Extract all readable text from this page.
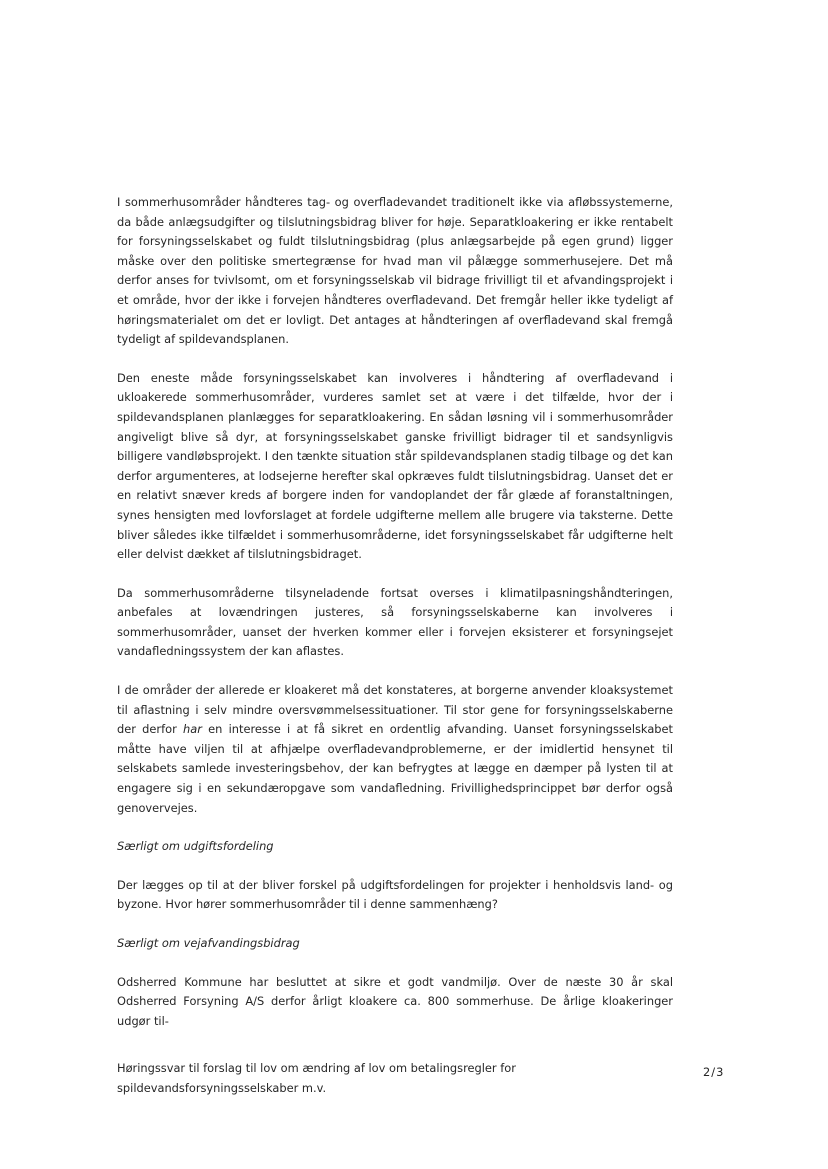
I sommerhusområder håndteres tag- og overfladevandet traditionelt ikke via afløbssystemerne, da både anlægsudgifter og tilslutningsbidrag bliver for høje. Separatkloakering er ikke rentabelt for forsyningsselskabet og fuldt tilslutningsbidrag (plus anlægsarbejde på egen grund) ligger måske over den politiske smertegrænse for hvad man vil pålægge sommerhusejere. Det må derfor anses for tvivlsomt, om et forsyningsselskab vil bidrage frivilligt til et afvandingsprojekt i et område, hvor der ikke i forvejen håndteres overfladevand. Det fremgår heller ikke tydeligt af høringsmaterialet om det er lovligt. Det antages at håndteringen af overfladevand skal fremgå tydeligt af spildevandsplanen.

Den eneste måde forsyningsselskabet kan involveres i håndtering af overfladevand i ukloakerede sommerhusområder, vurderes samlet set at være i det tilfælde, hvor der i spildevandsplanen planlægges for separatkloakering. En sådan løsning vil i sommerhusområder angiveligt blive så dyr, at forsyningsselskabet ganske frivilligt bidrager til et sandsynligvis billigere vandløbsprojekt. I den tænkte situation står spildevandsplanen stadig tilbage og det kan derfor argumenteres, at lodsejerne herefter skal opkræves fuldt tilslutningsbidrag. Uanset det er en relativt snæver kreds af borgere inden for vandoplandet der får glæde af foranstaltningen, synes hensigten med lovforslaget at fordele udgifterne mellem alle brugere via taksterne. Dette bliver således ikke tilfældet i sommerhusområderne, idet forsyningsselskabet får udgifterne helt eller delvist dækket af tilslutningsbidraget.

Da sommerhusområderne tilsyneladende fortsat overses i klimatilpasningshåndteringen, anbefales at lovændringen justeres, så forsyningsselskaberne kan involveres i sommerhusområder, uanset der hverken kommer eller i forvejen eksisterer et forsyningsejet vandafledningssystem der kan aflastes.

I de områder der allerede er kloakeret må det konstateres, at borgerne anvender kloaksystemet til aflastning i selv mindre oversvømmelsessituationer. Til stor gene for forsyningsselskaberne der derfor har en interesse i at få sikret en ordentlig afvanding. Uanset forsyningsselskabet måtte have viljen til at afhjælpe overfladevandproblemerne, er der imidlertid hensynet til selskabets samlede investeringsbehov, der kan befrygtes at lægge en dæmper på lysten til at engagere sig i en sekundæropgave som vandafledning. Frivillighedsprincippet bør derfor også genovervejes.

Særligt om udgiftsfordeling

Der lægges op til at der bliver forskel på udgiftsfordelingen for projekter i henholdsvis land- og byzone. Hvor hører sommerhusområder til i denne sammenhæng?

Særligt om vejafvandingsbidrag

Odsherred Kommune har besluttet at sikre et godt vandmiljø. Over de næste 30 år skal Odsherred Forsyning A/S derfor årligt kloakere ca. 800 sommerhuse. De årlige kloakeringer udgør til-

Høringssvar til forslag til lov om ændring af lov om betalingsregler for
spildevandsforsyningsselskaber m.v.
2/3
